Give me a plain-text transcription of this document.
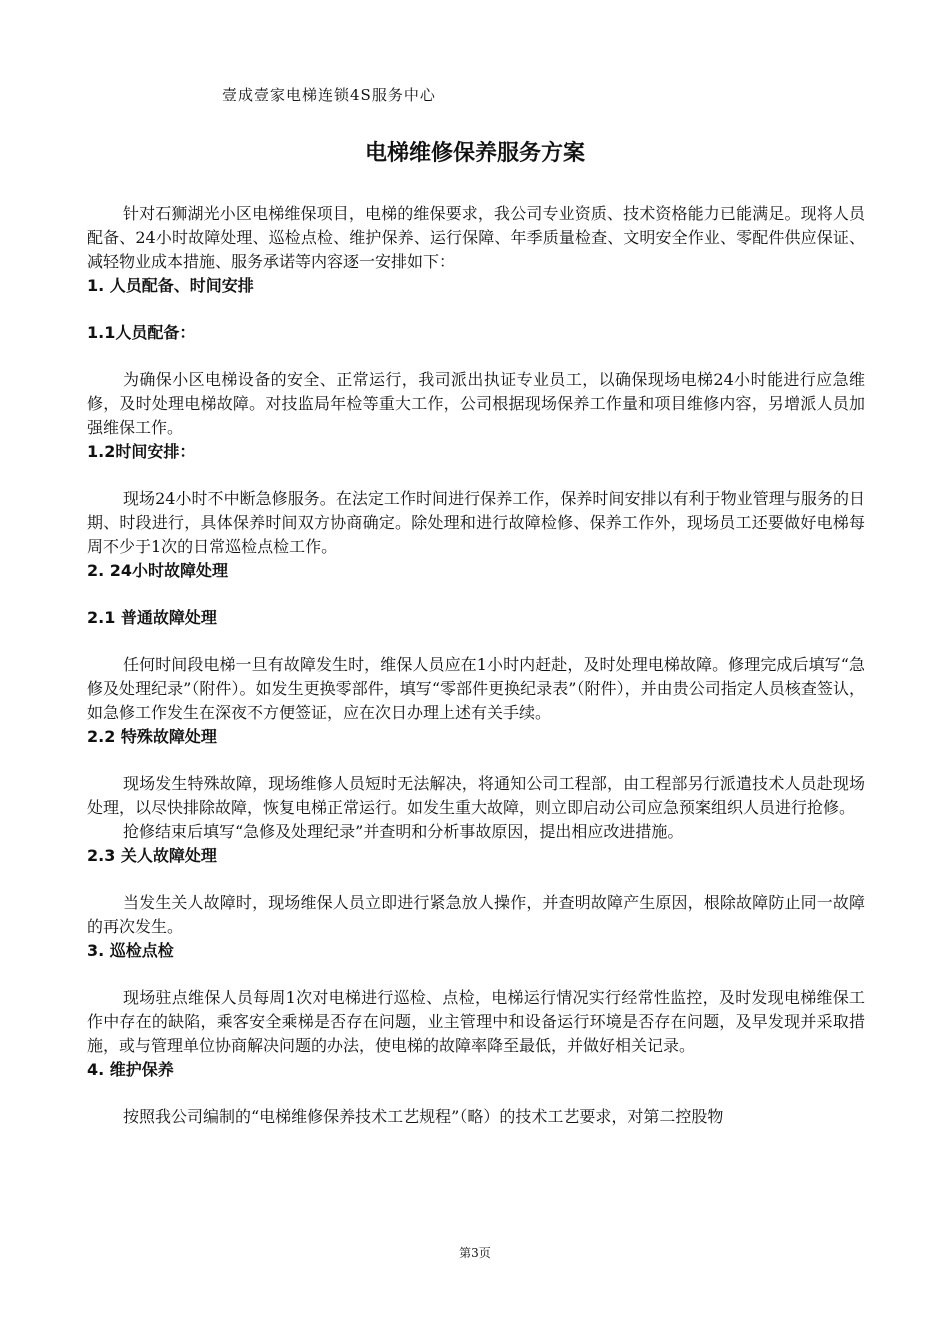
壹成壹家电梯连锁4S服务中心
电梯维修保养服务方案

针对石狮湖光小区电梯维保项目，电梯的维保要求，我公司专业资质、技术资格能力已能满足。现将人员配备、24小时故障处理、巡检点检、维护保养、运行保障、年季质量检查、文明安全作业、零配件供应保证、减轻物业成本措施、服务承诺等内容逐一安排如下：

1. 人员配备、时间安排

1.1人员配备：

为确保小区电梯设备的安全、正常运行，我司派出执证专业员工，以确保现场电梯24小时能进行应急维修，及时处理电梯故障。对技监局年检等重大工作，公司根据现场保养工作量和项目维修内容，另增派人员加强维保工作。

1.2时间安排：

现场24小时不中断急修服务。在法定工作时间进行保养工作，保养时间安排以有利于物业管理与服务的日期、时段进行，具体保养时间双方协商确定。除处理和进行故障检修、保养工作外，现场员工还要做好电梯每周不少于1次的日常巡检点检工作。

2. 24小时故障处理

2.1 普通故障处理

任何时间段电梯一旦有故障发生时，维保人员应在1小时内赶赴，及时处理电梯故障。修理完成后填写“急修及处理纪录”（附件）。如发生更换零部件，填写“零部件更换纪录表”（附件），并由贵公司指定人员核查签认，如急修工作发生在深夜不方便签证，应在次日办理上述有关手续。

2.2 特殊故障处理

现场发生特殊故障，现场维修人员短时无法解决，将通知公司工程部，由工程部另行派遣技术人员赴现场处理，以尽快排除故障，恢复电梯正常运行。如发生重大故障，则立即启动公司应急预案组织人员进行抢修。

抢修结束后填写“急修及处理纪录”并查明和分析事故原因，提出相应改进措施。

2.3 关人故障处理

当发生关人故障时，现场维保人员立即进行紧急放人操作，并查明故障产生原因，根除故障防止同一故障的再次发生。

3. 巡检点检

现场驻点维保人员每周1次对电梯进行巡检、点检，电梯运行情况实行经常性监控，及时发现电梯维保工作中存在的缺陷，乘客安全乘梯是否存在问题，业主管理中和设备运行环境是否存在问题，及早发现并采取措施，或与管理单位协商解决问题的办法，使电梯的故障率降至最低，并做好相关记录。

4. 维护保养

按照我公司编制的“电梯维修保养技术工艺规程”（略）的技术工艺要求，对第二控股物

第3页
